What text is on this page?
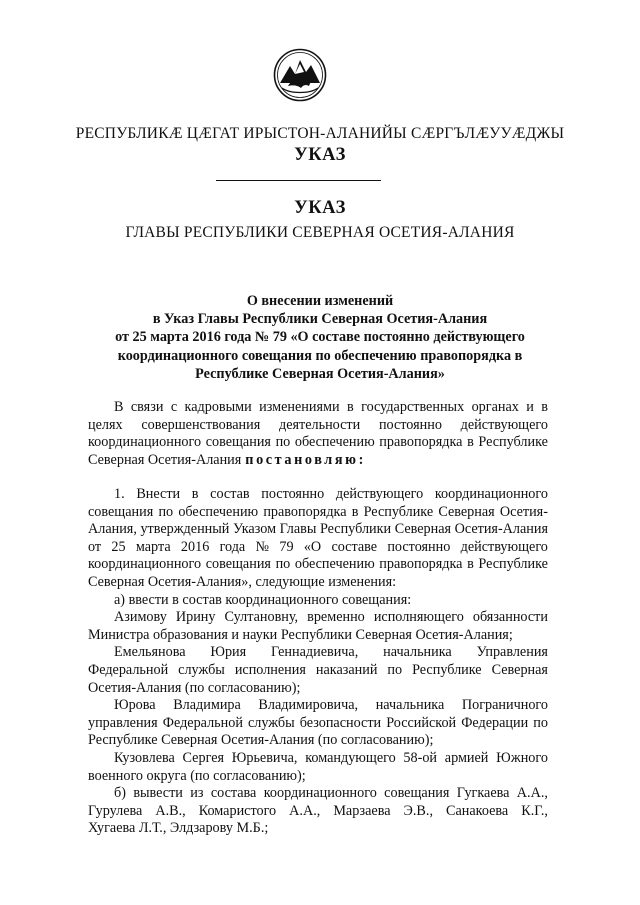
РЕСПУБЛИКÆ ЦÆГАТ ИРЫСТОН-АЛАНИЙЫ СÆРГЪЛÆУУÆДЖЫ
УКАЗ
УКАЗ
ГЛАВЫ РЕСПУБЛИКИ СЕВЕРНАЯ ОСЕТИЯ-АЛАНИЯ
О внесении изменений
в Указ Главы Республики Северная Осетия-Алания
от 25 марта 2016 года № 79 «О составе постоянно действующего
координационного совещания по обеспечению правопорядка в
Республике Северная Осетия-Алания»
В связи с кадровыми изменениями в государственных органах и в
целях совершенствования деятельности постоянно действующего
координационного совещания по обеспечению правопорядка в Республике
Северная Осетия-Алания постановляю:
1. Внести в состав постоянно действующего координационного
совещания по обеспечению правопорядка в Республике Северная Осетия-
Алания, утвержденный Указом Главы Республики Северная Осетия-Алания
от 25 марта 2016 года № 79 «О составе постоянно действующего
координационного совещания по обеспечению правопорядка в Республике
Северная Осетия-Алания», следующие изменения:
а) ввести в состав координационного совещания:
Азимову Ирину Султановну, временно исполняющего обязанности
Министра образования и науки Республики Северная Осетия-Алания;
Емельянова Юрия Геннадиевича, начальника Управления
Федеральной службы исполнения наказаний по Республике Северная
Осетия-Алания (по согласованию);
Юрова Владимира Владимировича, начальника Пограничного
управления Федеральной службы безопасности Российской Федерации по
Республике Северная Осетия-Алания (по согласованию);
Кузовлева Сергея Юрьевича, командующего 58-ой армией Южного
военного округа (по согласованию);
б) вывести из состава координационного совещания Гугкаева А.А.,
Гурулева А.В., Комаристого А.А., Марзаева Э.В., Санакоева К.Г.,
Хугаева Л.Т., Элдзарову М.Б.;
